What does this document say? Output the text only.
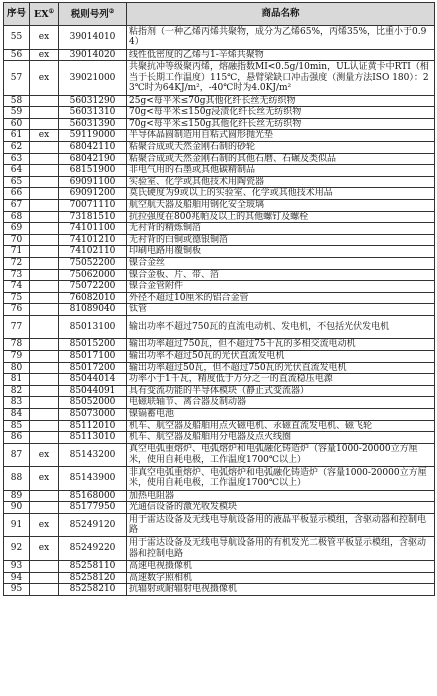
序号	EX①	税则号列②	商品名称
55	ex	39014010	粘指剂（一种乙烯丙烯共聚物，成分为乙烯65%，丙烯35%，比重小于0.94）
56	ex	39014020	线性低密度的乙烯与1-辛烯共聚物
57	ex	39021000	共聚抗冲等级聚丙烯，熔融指数MI<0.5g/10min，UL认证黄卡中RTI（相当于长期工作温度）115℃，悬臂梁缺口冲击强度（测量方法ISO 180）：23℃时为64KJ/m²，-40℃时为4.0KJ/m²
58		56031290	25g<每平米≤70g其他化纤长丝无纺织物
59		56031310	70g<每平米≤150g浸渍化纤长丝无纺织物
60		56031390	70g<每平米≤150g其他化纤长丝无纺织物
61	ex	59119000	半导体晶圆制造用自粘式圆形抛光垫
62		68042110	粘聚合成或天然金刚石制的砂轮
63		68042190	粘聚合成或天然金刚石制的其他石磨、石碾及类似品
64		68151900	非电气用的石墨或其他碳精制品
65		69091100	实验室、化学或其他技术用陶瓷器
66		69091200	莫氏硬度为9或以上的实验室、化学或其他技术用品
67		70071110	航空航天器及船舶用钢化安全玻璃
68		73181510	抗拉强度在800兆帕及以上的其他螺钉及螺栓
69		74101100	无衬背的精炼铜箔
70		74101210	无衬背的白铜或德银铜箔
71		74102110	印刷电路用覆铜板
72		75052200	镍合金丝
73		75062000	镍合金板、片、带、箔
74		75072200	镍合金管附件
75		76082010	外径不超过10厘米的铝合金管
76		81089040	钛管
77		85013100	输出功率不超过750瓦的直流电动机、发电机，不包括光伏发电机
78		85015200	输出功率超过750瓦，但不超过75千瓦的多相交流电动机
79		85017100	输出功率不超过50瓦的光伏直流发电机
80		85017200	输出功率超过50瓦，但不超过750瓦的光伏直流发电机
81		85044014	功率小于1千瓦，精度低于万分之一的直流稳压电源
82		85044091	具有变流功能的半导体模块（静止式变流器）
83		85052000	电磁联轴节、离合器及制动器
84		85073000	镍镉蓄电池
85		85112010	机车、航空器及船舶用点火磁电机、永磁直流发电机、磁飞轮
86		85113010	机车、航空器及船舶用分电器及点火线圈
87	ex	85143200	真空电弧重熔炉、电弧熔炉和电弧融化铸造炉（容量1000-20000立方厘米，使用自耗电极，工作温度1700℃以上）
88	ex	85143900	非真空电弧重熔炉、电弧熔炉和电弧融化铸造炉（容量1000-20000立方厘米，使用自耗电极，工作温度1700℃以上）
89		85168000	加热电阻器
90		85177950	光通信设备的激光收发模块
91	ex	85249120	用于雷达设备及无线电导航设备用的液晶平板显示模组，含驱动器和控制电路
92	ex	85249220	用于雷达设备及无线电导航设备用的有机发光二极管平板显示模组，含驱动器和控制电路
93		85258110	高速电视摄像机
94		85258120	高速数字照相机
95		85258210	抗辐射或耐辐射电视摄像机
